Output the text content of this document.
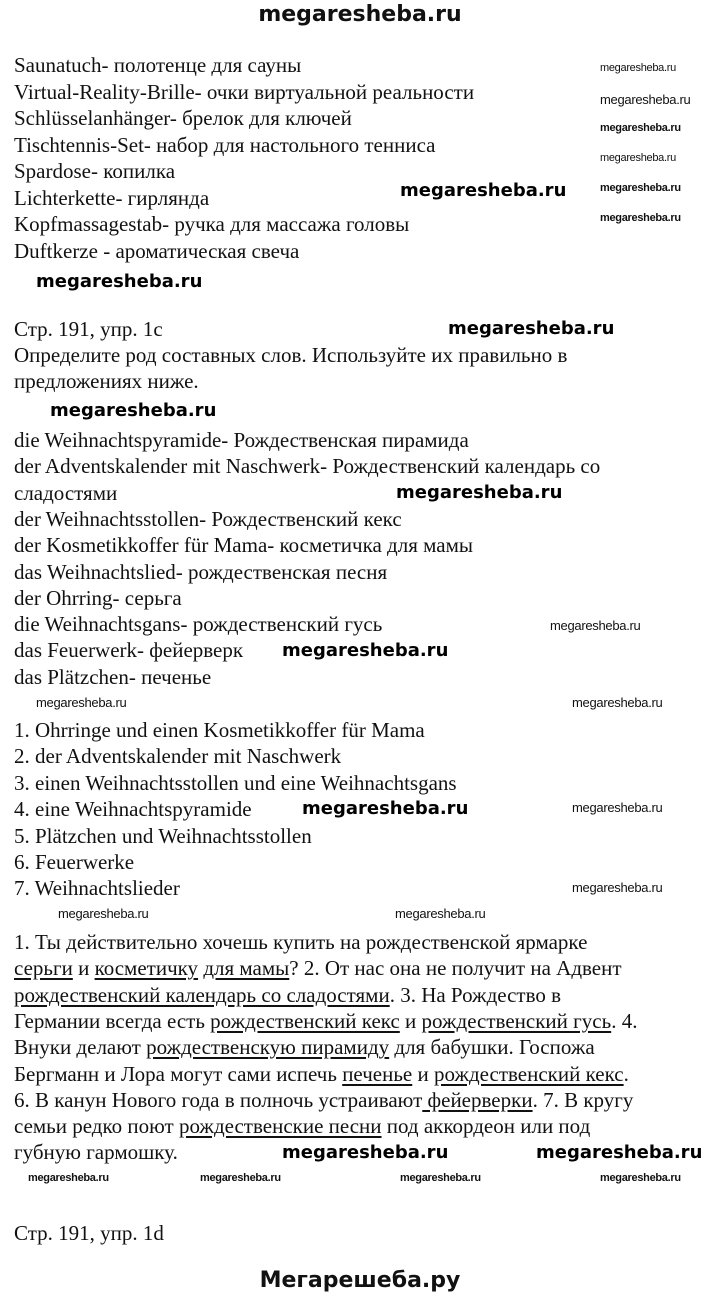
megaresheba.ru
Saunatuch- полотенце для сауны
Virtual-Reality-Brille- очки виртуальной реальности
Schlüsselanhänger- брелок для ключей
Tischtennis-Set- набор для настольного тенниса
Spardose- копилка
Lichterkette- гирлянда
Kopfmassagestab- ручка для массажа головы
Duftkerze - ароматическая свеча
Стр. 191, упр. 1c
Определите род составных слов. Используйте их правильно в
предложениях ниже.
die Weihnachtspyramide- Рождественская пирамида
der Adventskalender mit Naschwerk- Рождественский календарь со
сладостями
der Weihnachtsstollen- Рождественский кекс
der Kosmetikkoffer für Mama- косметичка для мамы
das Weihnachtslied- рождественская песня
der Ohrring- серьга
die Weihnachtsgans- рождественский гусь
das Feuerwerk- фейерверк
das Plätzchen- печенье
1. Ohrringe und einen Kosmetikkoffer für Mama
2. der Adventskalender mit Naschwerk
3. einen Weihnachtsstollen und eine Weihnachtsgans
4. eine Weihnachtspyramide
5. Plätzchen und Weihnachtsstollen
6. Feuerwerke
7. Weihnachtslieder
1. Ты действительно хочешь купить на рождественской ярмарке
серьги и косметичку для мамы? 2. От нас она не получит на Адвент
рождественский календарь со сладостями. 3. На Рождество в
Германии всегда есть рождественский кекс и рождественский гусь. 4.
Внуки делают рождественскую пирамиду для бабушки. Госпожа
Бергманн и Лора могут сами испечь печенье и рождественский кекс.
6. В канун Нового года в полночь устраивают фейерверки. 7. В кругу
семьи редко поют рождественские песни под аккордеон или под
губную гармошку.
Стр. 191, упр. 1d
Мегарешеба.ру
megaresheba.ru
megaresheba.ru
megaresheba.ru
megaresheba.ru
megaresheba.ru
megaresheba.ru
megaresheba.ru
megaresheba.ru
megaresheba.ru
megaresheba.ru
megaresheba.ru
megaresheba.ru
megaresheba.ru
megaresheba.ru	megaresheba.ru
megaresheba.ru	megaresheba.ru
megaresheba.ru
megaresheba.ru	megaresheba.ru
megaresheba.ru	megaresheba.ru
megaresheba.ru	megaresheba.ru	megaresheba.ru	megaresheba.ru
